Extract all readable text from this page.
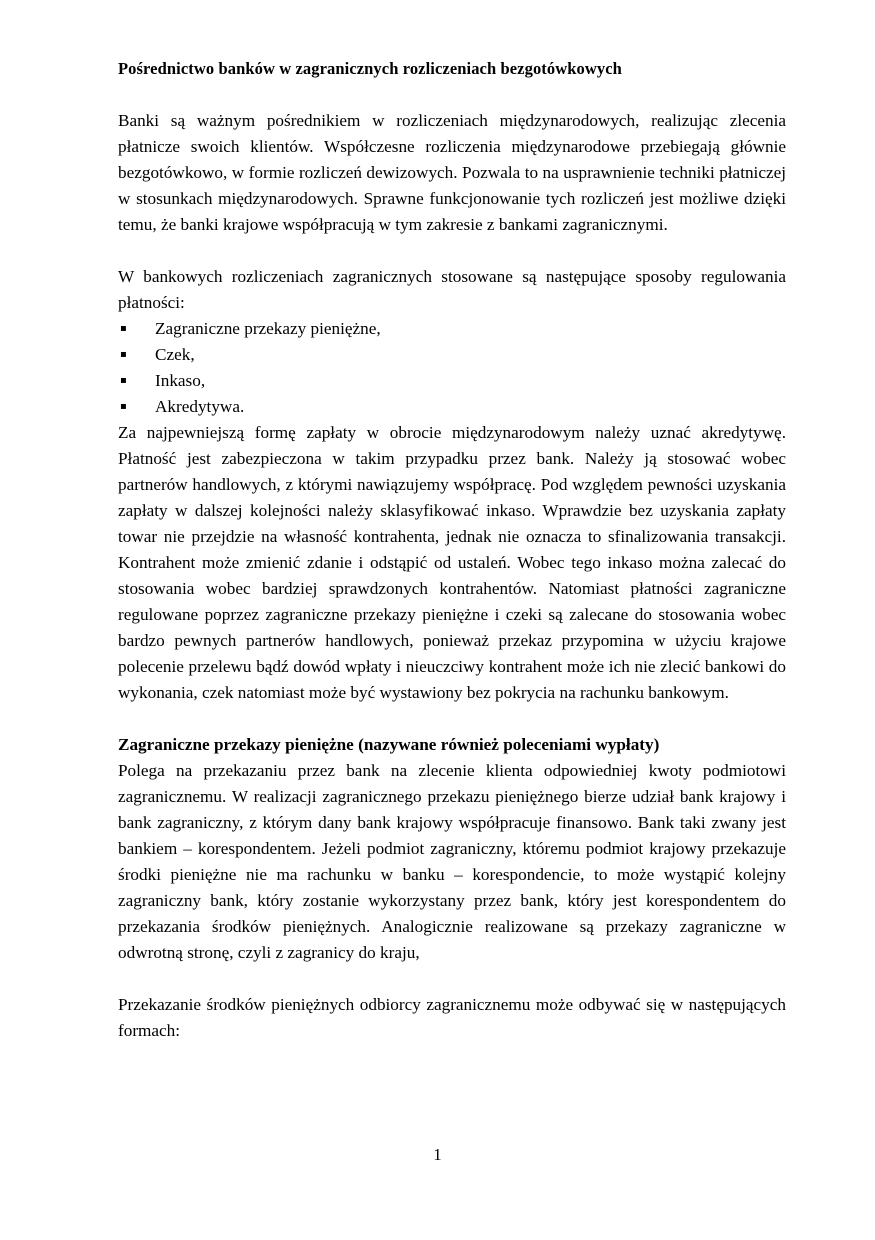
Pośrednictwo banków w zagranicznych rozliczeniach bezgotówkowych

Banki są ważnym pośrednikiem w rozliczeniach międzynarodowych, realizując zlecenia płatnicze swoich klientów. Współczesne rozliczenia międzynarodowe przebiegają głównie bezgotówkowo, w formie rozliczeń dewizowych. Pozwala to na usprawnienie techniki płatniczej w stosunkach międzynarodowych. Sprawne funkcjonowanie tych rozliczeń jest możliwe dzięki temu, że banki krajowe współpracują w tym zakresie z bankami zagranicznymi.

W bankowych rozliczeniach zagranicznych stosowane są następujące sposoby regulowania płatności:

▪ Zagraniczne przekazy pieniężne,
▪ Czek,
▪ Inkaso,
▪ Akredytywa.

Za najpewniejszą formę zapłaty w obrocie międzynarodowym należy uznać akredytywę. Płatność jest zabezpieczona w takim przypadku przez bank. Należy ją stosować wobec partnerów handlowych, z którymi nawiązujemy współpracę. Pod względem pewności uzyskania zapłaty w dalszej kolejności należy sklasyfikować inkaso. Wprawdzie bez uzyskania zapłaty towar nie przejdzie na własność kontrahenta, jednak nie oznacza to sfinalizowania transakcji. Kontrahent może zmienić zdanie i odstąpić od ustaleń. Wobec tego inkaso można zalecać do stosowania wobec bardziej sprawdzonych kontrahentów. Natomiast płatności zagraniczne regulowane poprzez zagraniczne przekazy pieniężne i czeki są zalecane do stosowania wobec bardzo pewnych partnerów handlowych, ponieważ przekaz przypomina w użyciu krajowe polecenie przelewu bądź dowód wpłaty i nieuczciwy kontrahent może ich nie zlecić bankowi do wykonania, czek natomiast może być wystawiony bez pokrycia na rachunku bankowym.

Zagraniczne przekazy pieniężne (nazywane również poleceniami wypłaty)

Polega na przekazaniu przez bank na zlecenie klienta odpowiedniej kwoty podmiotowi zagranicznemu. W realizacji zagranicznego przekazu pieniężnego bierze udział bank krajowy i bank zagraniczny, z którym dany bank krajowy współpracuje finansowo. Bank taki zwany jest bankiem – korespondentem. Jeżeli podmiot zagraniczny, któremu podmiot krajowy przekazuje środki pieniężne nie ma rachunku w banku – korespondencie, to może wystąpić kolejny zagraniczny bank, który zostanie wykorzystany przez bank, który jest korespondentem do przekazania środków pieniężnych. Analogicznie realizowane są przekazy zagraniczne w odwrotną stronę, czyli z zagranicy do kraju,

Przekazanie środków pieniężnych odbiorcy zagranicznemu może odbywać się w następujących formach:

1
